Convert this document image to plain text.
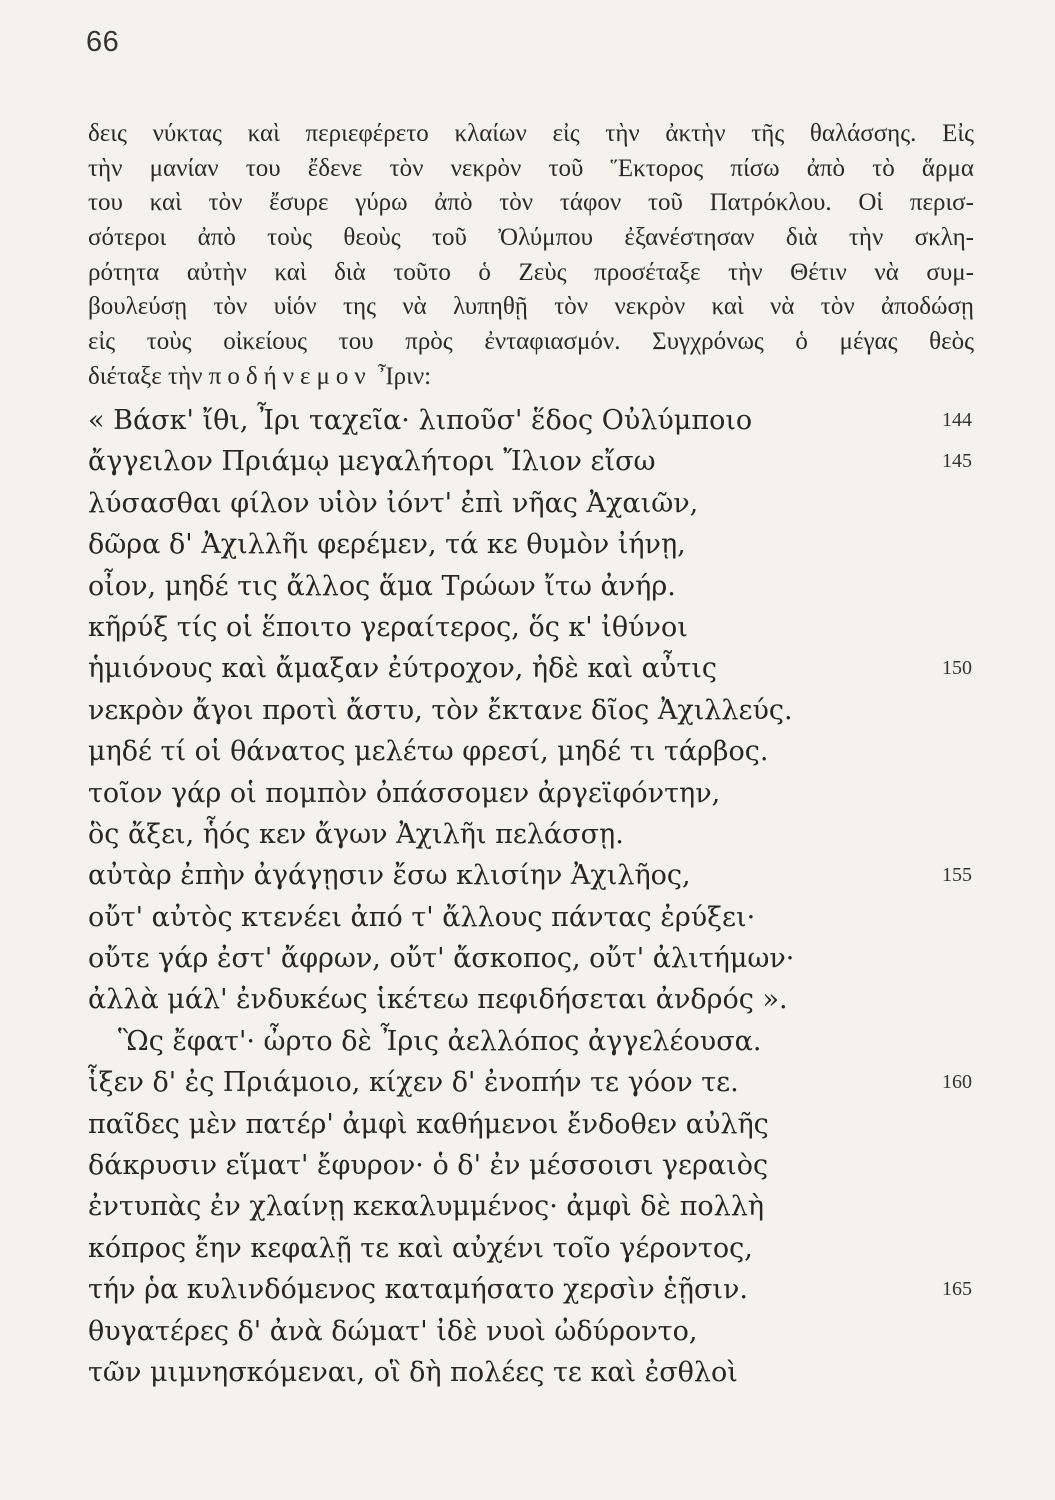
66
δεις νύκτας καὶ περιεφέρετο κλαίων εἰς τὴν ἀκτὴν τῆς θαλάσσης. Εἰς
τὴν μανίαν του ἔδενε τὸν νεκρὸν τοῦ Ἕκτορος πίσω ἀπὸ τὸ ἅρμα
του καὶ τὸν ἔσυρε γύρω ἀπὸ τὸν τάφον τοῦ Πατρόκλου. Οἱ περισ-
σότεροι ἀπὸ τοὺς θεοὺς τοῦ Ὀλύμπου ἐξανέστησαν διὰ τὴν σκλη-
ρότητα αὐτὴν καὶ διὰ τοῦτο ὁ Ζεὺς προσέταξε τὴν Θέτιν νὰ συμ-
βουλεύσῃ τὸν υἱόν της νὰ λυπηθῇ τὸν νεκρὸν καὶ νὰ τὸν ἀποδώσῃ
εἰς τοὺς οἰκείους του πρὸς ἐνταφιασμόν. Συγχρόνως ὁ μέγας θεὸς
διέταξε τὴν ποδήνεμον Ἶριν:
« Βάσκ' ἴθι, Ἶρι ταχεῖα· λιποῦσ' ἕδος Οὐλύμποιο	144
ἄγγειλον Πριάμῳ μεγαλήτορι Ἴλιον εἴσω	145
λύσασθαι φίλον υἱὸν ἰόντ' ἐπὶ νῆας Ἀχαιῶν,
δῶρα δ' Ἀχιλλῆι φερέμεν, τά κε θυμὸν ἰήνῃ,
οἶον, μηδέ τις ἄλλος ἅμα Τρώων ἴτω ἀνήρ.
κῆρύξ τίς οἱ ἕποιτο γεραίτερος, ὅς κ' ἰθύνοι
ἡμιόνους καὶ ἄμαξαν ἐύτροχον, ἠδὲ καὶ αὖτις	150
νεκρὸν ἄγοι προτὶ ἄστυ, τὸν ἔκτανε δῖος Ἀχιλλεύς.
μηδέ τί οἱ θάνατος μελέτω φρεσί, μηδέ τι τάρβος.
τοῖον γάρ οἱ πομπὸν ὀπάσσομεν ἀργεϊφόντην,
ὃς ἄξει, ἧός κεν ἄγων Ἀχιλῆι πελάσσῃ.
αὐτὰρ ἐπὴν ἀγάγῃσιν ἔσω κλισίην Ἀχιλῆος,	155
οὔτ' αὐτὸς κτενέει ἀπό τ' ἄλλους πάντας ἐρύξει·
οὔτε γάρ ἐστ' ἄφρων, οὔτ' ἄσκοπος, οὔτ' ἀλιτήμων·
ἀλλὰ μάλ' ἐνδυκέως ἱκέτεω πεφιδήσεται ἀνδρός ».
Ὣς ἔφατ'· ὦρτο δὲ Ἶρις ἀελλόπος ἀγγελέουσα.
ἷξεν δ' ἐς Πριάμοιο, κίχεν δ' ἐνοπήν τε γόον τε.	160
παῖδες μὲν πατέρ' ἀμφὶ καθήμενοι ἔνδοθεν αὐλῆς
δάκρυσιν εἵματ' ἔφυρον· ὁ δ' ἐν μέσσοισι γεραιὸς
ἐντυπὰς ἐν χλαίνῃ κεκαλυμμένος· ἀμφὶ δὲ πολλὴ
κόπρος ἔην κεφαλῇ τε καὶ αὐχένι τοῖο γέροντος,
τήν ῥα κυλινδόμενος καταμήσατο χερσὶν ἑῇσιν.	165
θυγατέρες δ' ἀνὰ δώματ' ἰδὲ νυοὶ ὠδύροντο,
τῶν μιμνησκόμεναι, οἳ δὴ πολέες τε καὶ ἐσθλοὶ
